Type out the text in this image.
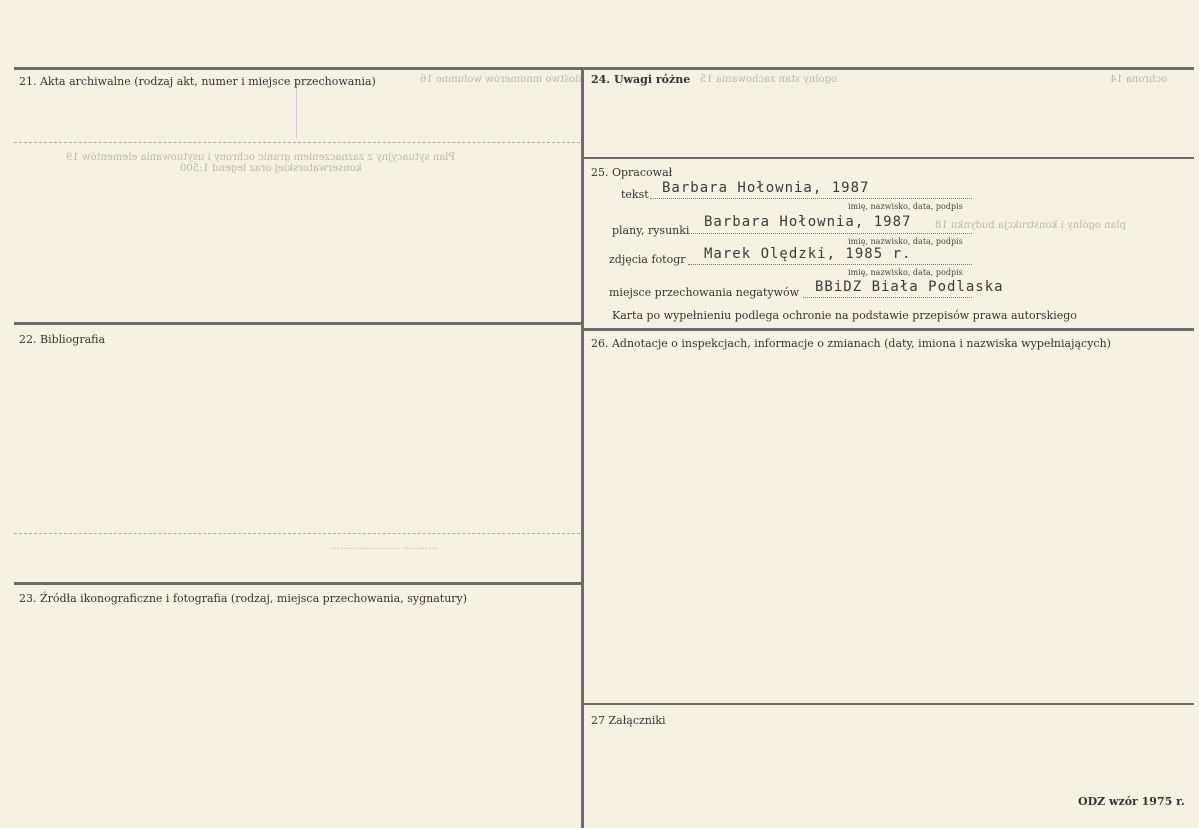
ilośtwo mnumerów wolumne 16
Plan sytuacyjny z zaznaczeniem granic ochrony i usytuowania elementów 19
konserwatorskiej oraz legend 1:500
ogólny stan zachowania 15	ochrona 14
plan ogólny i konstrukcja budynku 18
...................... ...........
21. Akta archiwalne (rodzaj akt, numer i miejsce przechowania)
22. Bibliografia
23. Źródła ikonograficzne i fotografia (rodzaj, miejsca przechowania, sygnatury)
24. Uwagi różne
25. Opracował
tekst Barbara Hołownia, 1987
imię, nazwisko, data, podpis
plany, rysunki
Barbara Hołownia, 1987
imię, nazwisko, data, podpis
zdjęcia fotogr Marek Olędzki, 1985 r.
imię, nazwisko, data, podpis
miejsce przechowania negatywów BBiDZ Biała Podlaska
Karta po wypełnieniu podlega ochronie na podstawie przepisów prawa autorskiego
26. Adnotacje o inspekcjach, informacje o zmianach (daty, imiona i nazwiska wypełniających)
27 Załączniki
ODZ wzór 1975 r.
